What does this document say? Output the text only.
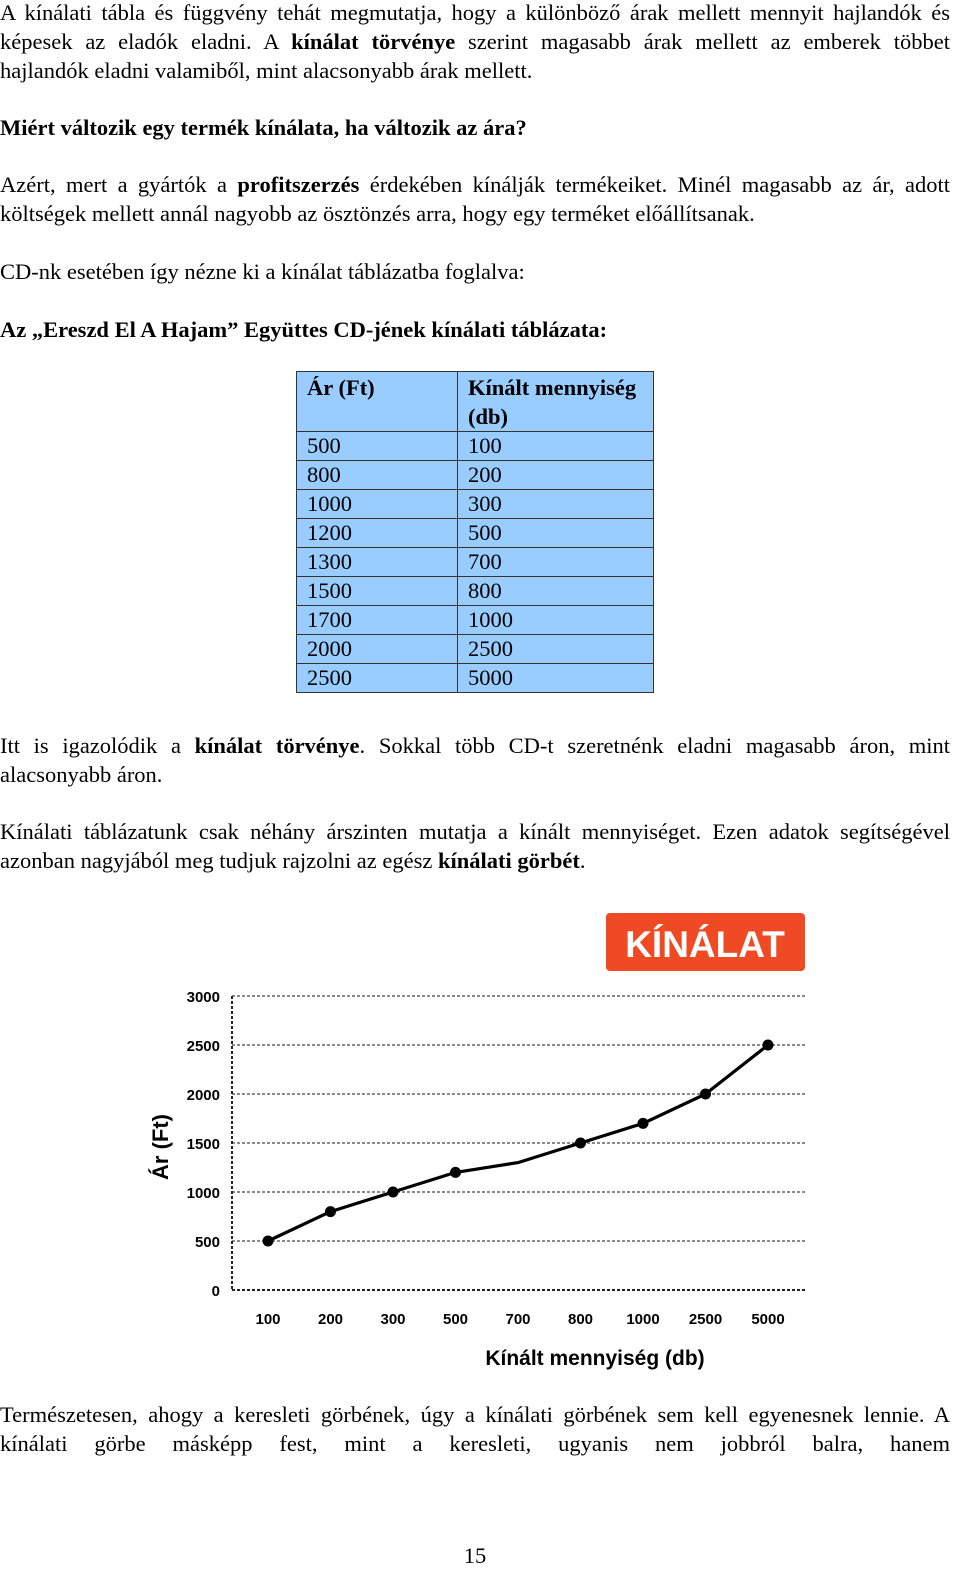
A kínálati tábla és függvény tehát megmutatja, hogy a különböző árak mellett mennyit hajlandók és képesek az eladók eladni. A kínálat törvénye szerint magasabb árak mellett az emberek többet hajlandók eladni valamiből, mint alacsonyabb árak mellett.

Miért változik egy termék kínálata, ha változik az ára?

Azért, mert a gyártók a profitszerzés érdekében kínálják termékeiket. Minél magasabb az ár, adott költségek mellett annál nagyobb az ösztönzés arra, hogy egy terméket előállítsanak.

CD-nk esetében így nézne ki a kínálat táblázatba foglalva:

Az „Ereszd El A Hajam” Együttes CD-jének kínálati táblázata:
Ár (Ft)	Kínált mennyiség (db)
500	100
800	200
1000	300
1200	500
1300	700
1500	800
1700	1000
2000	2500
2500	5000

Itt is igazolódik a kínálat törvénye. Sokkal több CD-t szeretnénk eladni magasabb áron, mint alacsonyabb áron.

Kínálati táblázatunk csak néhány árszinten mutatja a kínált mennyiséget. Ezen adatok segítségével azonban nagyjából meg tudjuk rajzolni az egész kínálati görbét.

KÍNÁLAT
0
500
1000
1500
2000
2500
3000
100 200 300 500 700 800 1000 2500 5000
Kínált mennyiség (db)
Ár (Ft)

Természetesen, ahogy a keresleti görbének, úgy a kínálati görbének sem kell egyenesnek lennie. A kínálati görbe másképp fest, mint a keresleti, ugyanis nem jobbról balra, hanem

15
